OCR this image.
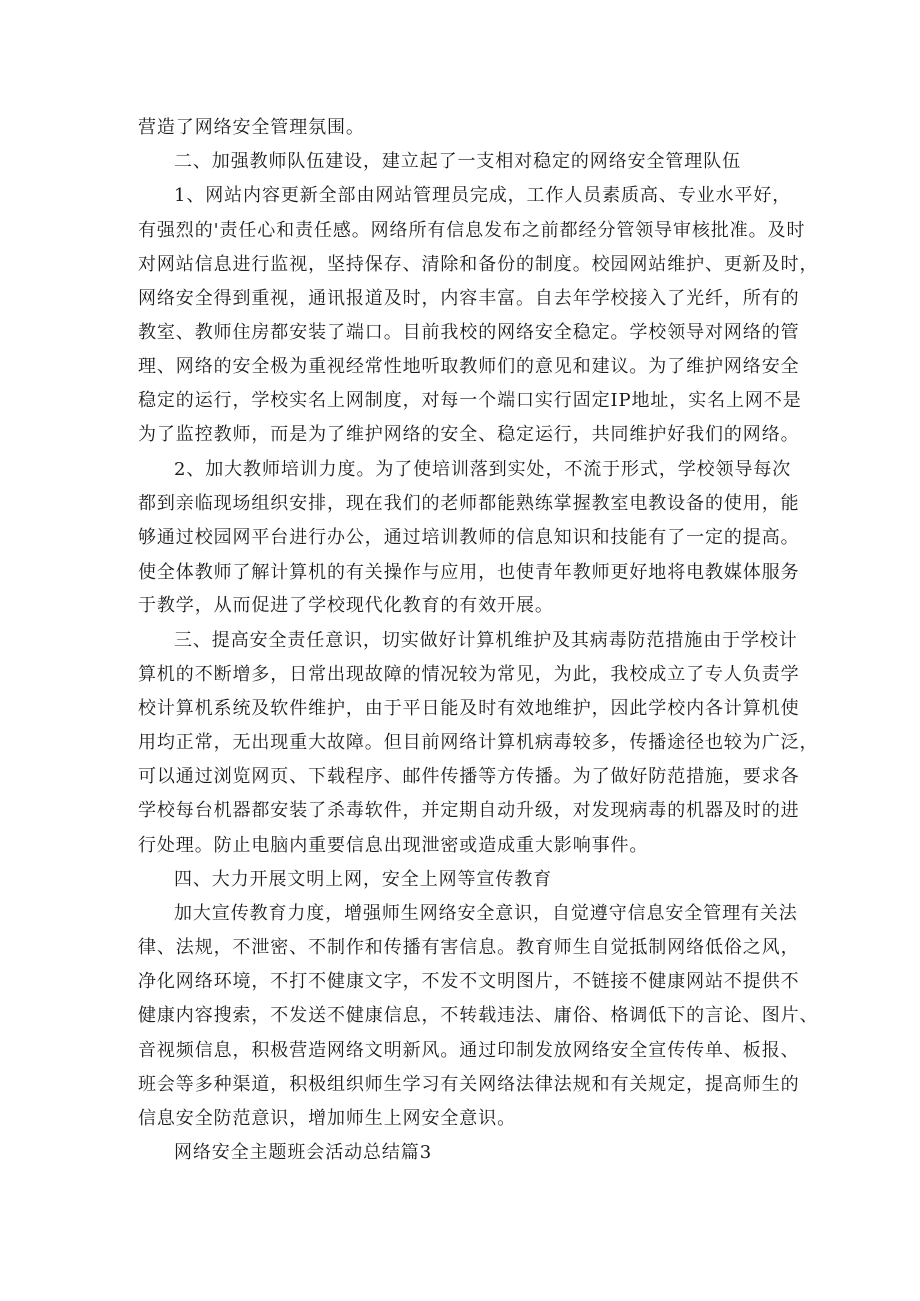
营造了网络安全管理氛围。
二、加强教师队伍建设，建立起了一支相对稳定的网络安全管理队伍
1、网站内容更新全部由网站管理员完成，工作人员素质高、专业水平好，
有强烈的'责任心和责任感。网络所有信息发布之前都经分管领导审核批准。及时
对网站信息进行监视，坚持保存、清除和备份的制度。校园网站维护、更新及时，
网络安全得到重视，通讯报道及时，内容丰富。自去年学校接入了光纤，所有的
教室、教师住房都安装了端口。目前我校的网络安全稳定。学校领导对网络的管
理、网络的安全极为重视经常性地听取教师们的意见和建议。为了维护网络安全
稳定的运行，学校实名上网制度，对每一个端口实行固定IP地址，实名上网不是
为了监控教师，而是为了维护网络的安全、稳定运行，共同维护好我们的网络。
2、加大教师培训力度。为了使培训落到实处，不流于形式，学校领导每次
都到亲临现场组织安排，现在我们的老师都能熟练掌握教室电教设备的使用，能
够通过校园网平台进行办公，通过培训教师的信息知识和技能有了一定的提高。
使全体教师了解计算机的有关操作与应用，也使青年教师更好地将电教媒体服务
于教学，从而促进了学校现代化教育的有效开展。
三、提高安全责任意识，切实做好计算机维护及其病毒防范措施由于学校计
算机的不断增多，日常出现故障的情况较为常见，为此，我校成立了专人负责学
校计算机系统及软件维护，由于平日能及时有效地维护，因此学校内各计算机使
用均正常，无出现重大故障。但目前网络计算机病毒较多，传播途径也较为广泛，
可以通过浏览网页、下载程序、邮件传播等方传播。为了做好防范措施，要求各
学校每台机器都安装了杀毒软件，并定期自动升级，对发现病毒的机器及时的进
行处理。防止电脑内重要信息出现泄密或造成重大影响事件。
四、大力开展文明上网，安全上网等宣传教育
加大宣传教育力度，增强师生网络安全意识，自觉遵守信息安全管理有关法
律、法规，不泄密、不制作和传播有害信息。教育师生自觉抵制网络低俗之风，
净化网络环境，不打不健康文字，不发不文明图片，不链接不健康网站不提供不
健康内容搜索，不发送不健康信息，不转载违法、庸俗、格调低下的言论、图片、
音视频信息，积极营造网络文明新风。通过印制发放网络安全宣传传单、板报、
班会等多种渠道，积极组织师生学习有关网络法律法规和有关规定，提高师生的
信息安全防范意识，增加师生上网安全意识。
网络安全主题班会活动总结篇3
